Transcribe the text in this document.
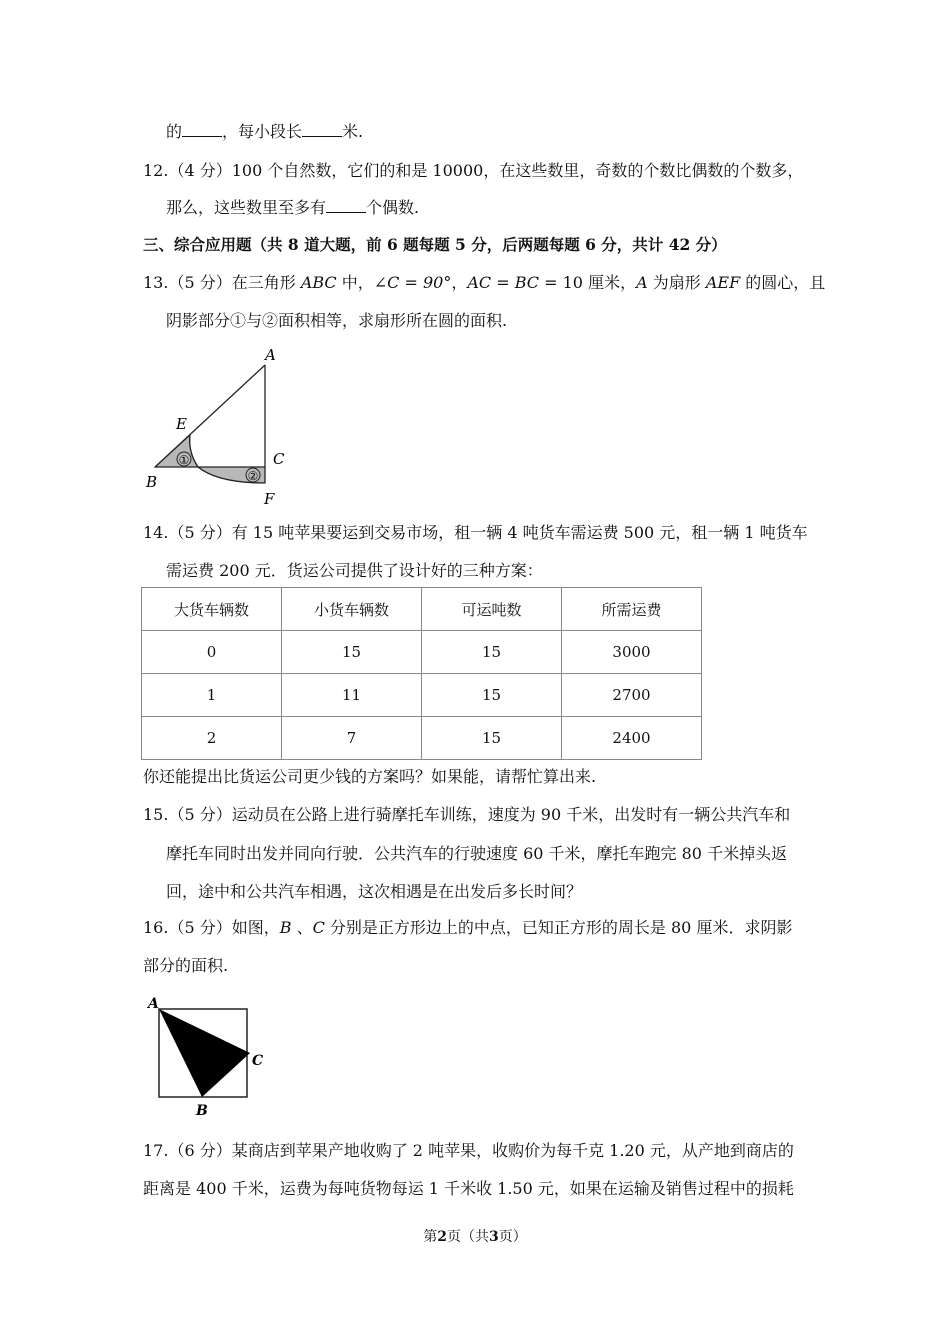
的	，每小段长	米.
12.（4 分）100 个自然数，它们的和是 10000，在这些数里，奇数的个数比偶数的个数多，
那么，这些数里至多有	个偶数.
三、综合应用题（共 8 道大题，前 6 题每题 5 分，后两题每题 6 分，共计 42 分）
13.（5 分）在三角形 ABC 中，∠C = 90°，AC = BC = 10 厘米，A 为扇形 AEF 的圆心，且
阴影部分①与②面积相等，求扇形所在圆的面积.
①
②
A
E
C
B
F
14.（5 分）有 15 吨苹果要运到交易市场，租一辆 4 吨货车需运费 500 元，租一辆 1 吨货车
需运费 200 元．货运公司提供了设计好的三种方案：
大货车辆数	小货车辆数	可运吨数	所需运费
0	15	15	3000
1	11	15	2700
2	7	15	2400
你还能提出比货运公司更少钱的方案吗？如果能，请帮忙算出来.
15.（5 分）运动员在公路上进行骑摩托车训练，速度为 90 千米，出发时有一辆公共汽车和
摩托车同时出发并同向行驶．公共汽车的行驶速度 60 千米，摩托车跑完 80 千米掉头返
回，途中和公共汽车相遇，这次相遇是在出发后多长时间？
16.（5 分）如图，B 、C 分别是正方形边上的中点，已知正方形的周长是 80 厘米．求阴影
部分的面积.
A
C
B
17.（6 分）某商店到苹果产地收购了 2 吨苹果，收购价为每千克 1.20 元，从产地到商店的
距离是 400 千米，运费为每吨货物每运 1 千米收 1.50 元，如果在运输及销售过程中的损耗
第2页（共3页）
